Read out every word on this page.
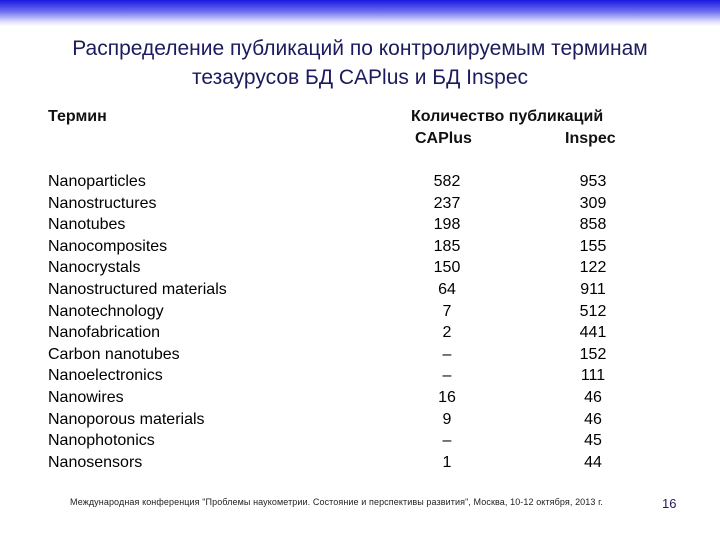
Распределение публикаций по контролируемым терминам
тезаурусов БД CAPlus и БД Inspec
Термин	Количество публикаций
CAPlus	Inspec
Nanoparticles	582	953
Nanostructures	237	309
Nanotubes	198	858
Nanocomposites	185	155
Nanocrystals	150	122
Nanostructured materials	64	911
Nanotechnology	7	512
Nanofabrication	2	441
Carbon nanotubes	–	152
Nanoelectronics	–	111
Nanowires	16	46
Nanoporous materials	9	46
Nanophotonics	–	45
Nanosensors	1	44
Международная конференция "Проблемы наукометрии. Состояние и перспективы развития", Москва, 10-12 октября, 2013 г.	16
